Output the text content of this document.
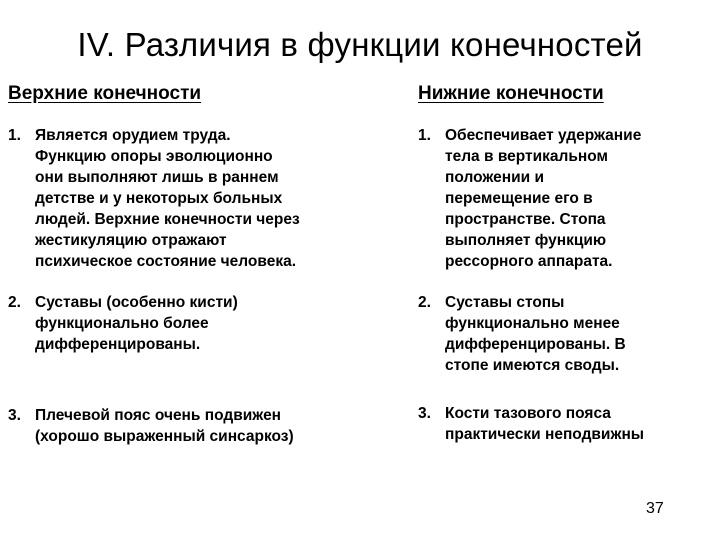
IV. Различия в функции конечностей
Верхние конечности
1. Является орудием труда.
Функцию опоры эволюционно
они выполняют лишь в раннем
детстве и у некоторых больных
людей. Верхние конечности через
жестикуляцию отражают
психическое состояние человека.
2. Суставы (особенно кисти)
функционально более
дифференцированы.
3. Плечевой пояс очень подвижен
(хорошо выраженный синсаркоз)
Нижние конечности
1. Обеспечивает удержание
тела в вертикальном
положении и
перемещение его в
пространстве. Стопа
выполняет функцию
рессорного аппарата.
2. Суставы стопы
функционально менее
дифференцированы. В
стопе имеются своды.
3. Кости тазового пояса
практически неподвижны
37
